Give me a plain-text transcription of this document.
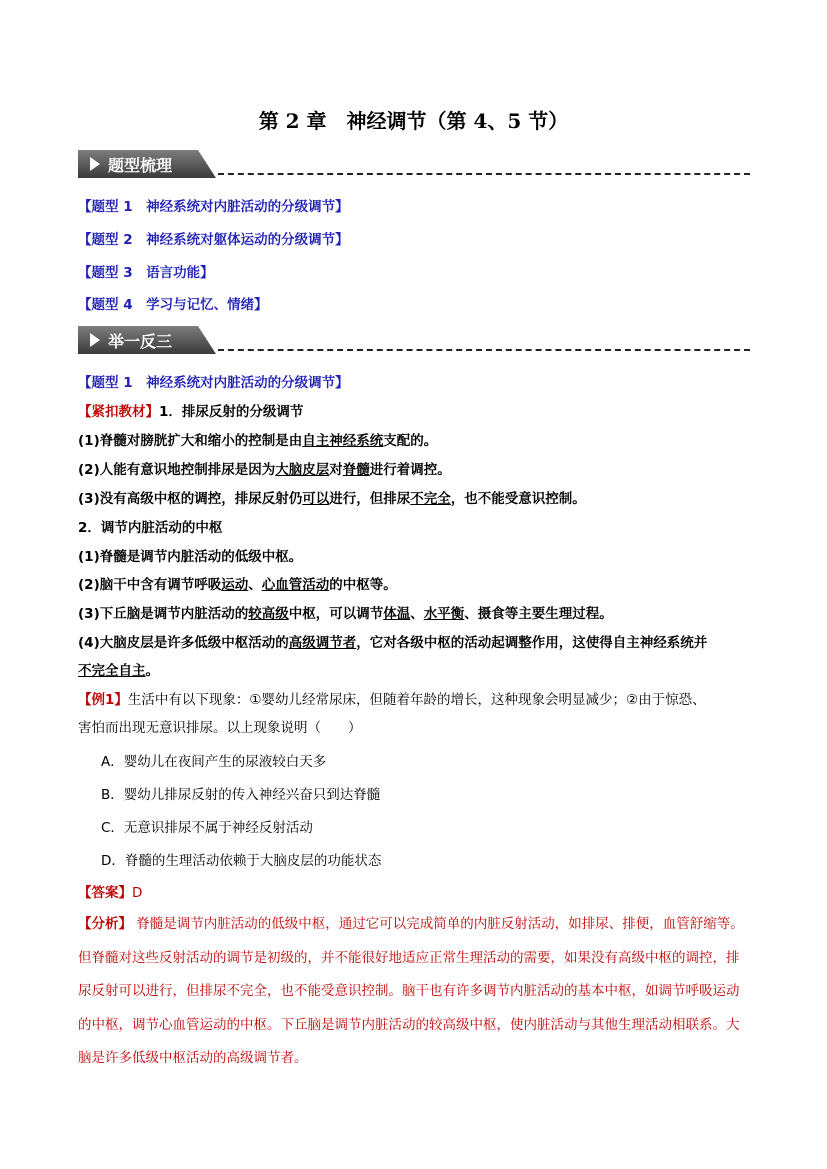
第 2 章　神经调节（第 4、5 节）
题型梳理
【题型 1　 神经系统对内脏活动的分级调节】
【题型 2　 神经系统对躯体运动的分级调节】
【题型 3　 语言功能】
【题型 4　 学习与记忆、情绪】
举一反三
【题型 1　 神经系统对内脏活动的分级调节】
【紧扣教材】1．排尿反射的分级调节
(1)脊髓对膀胱扩大和缩小的控制是由自主神经系统支配的。
(2)人能有意识地控制排尿是因为大脑皮层对脊髓进行着调控。
(3)没有高级中枢的调控，排尿反射仍可以进行，但排尿不完全，也不能受意识控制。
2．调节内脏活动的中枢
(1)脊髓是调节内脏活动的低级中枢。
(2)脑干中含有调节呼吸运动、心血管活动的中枢等。
(3)下丘脑是调节内脏活动的较高级中枢，可以调节体温、水平衡、摄食等主要生理过程。
(4)大脑皮层是许多低级中枢活动的高级调节者，它对各级中枢的活动起调整作用，这使得自主神经系统并
不完全自主。
【例1】生活中有以下现象：①婴幼儿经常尿床，但随着年龄的增长，这种现象会明显减少；②由于惊恐、
害怕而出现无意识排尿。以上现象说明（　　）
A．婴幼儿在夜间产生的尿液较白天多
B．婴幼儿排尿反射的传入神经兴奋只到达脊髓
C．无意识排尿不属于神经反射活动
D．脊髓的生理活动依赖于大脑皮层的功能状态
【答案】D
【分析】 脊髓是调节内脏活动的低级中枢，通过它可以完成简单的内脏反射活动，如排尿、排便，血管舒缩等。但脊髓对这些反射活动的调节是初级的，并不能很好地适应正常生理活动的需要，如果没有高级中枢的调控，排尿反射可以进行，但排尿不完全，也不能受意识控制。脑干也有许多调节内脏活动的基本中枢，如调节呼吸运动的中枢，调节心血管运动的中枢。下丘脑是调节内脏活动的较高级中枢，使内脏活动与其他生理活动相联系。大脑是许多低级中枢活动的高级调节者。
